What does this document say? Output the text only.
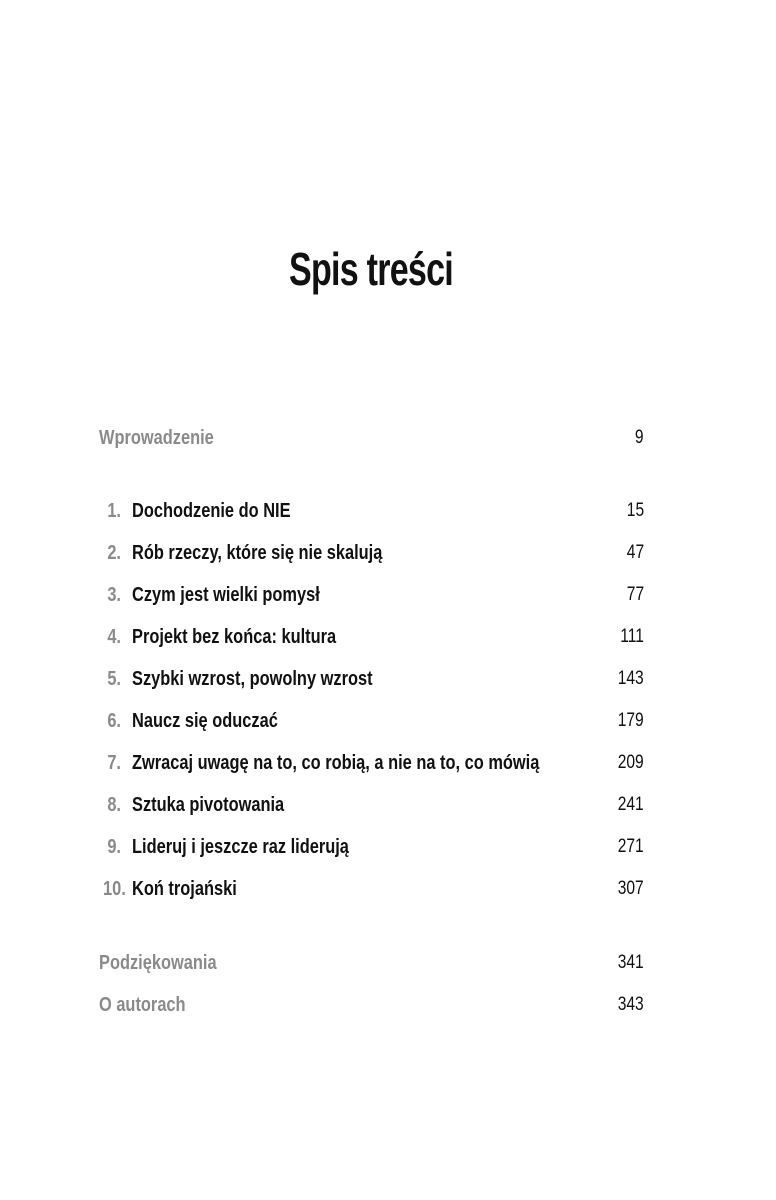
Spis treści
Wprowadzenie	9
1. Dochodzenie do NIE	15
2. Rób rzeczy, które się nie skalują	47
3. Czym jest wielki pomysł	77
4. Projekt bez końca: kultura	111
5. Szybki wzrost, powolny wzrost	143
6. Naucz się oduczać	179
7. Zwracaj uwagę na to, co robią, a nie na to, co mówią	209
8. Sztuka pivotowania	241
9. Lideruj i jeszcze raz liderują	271
10. Koń trojański	307
Podziękowania	341
O autorach	343
